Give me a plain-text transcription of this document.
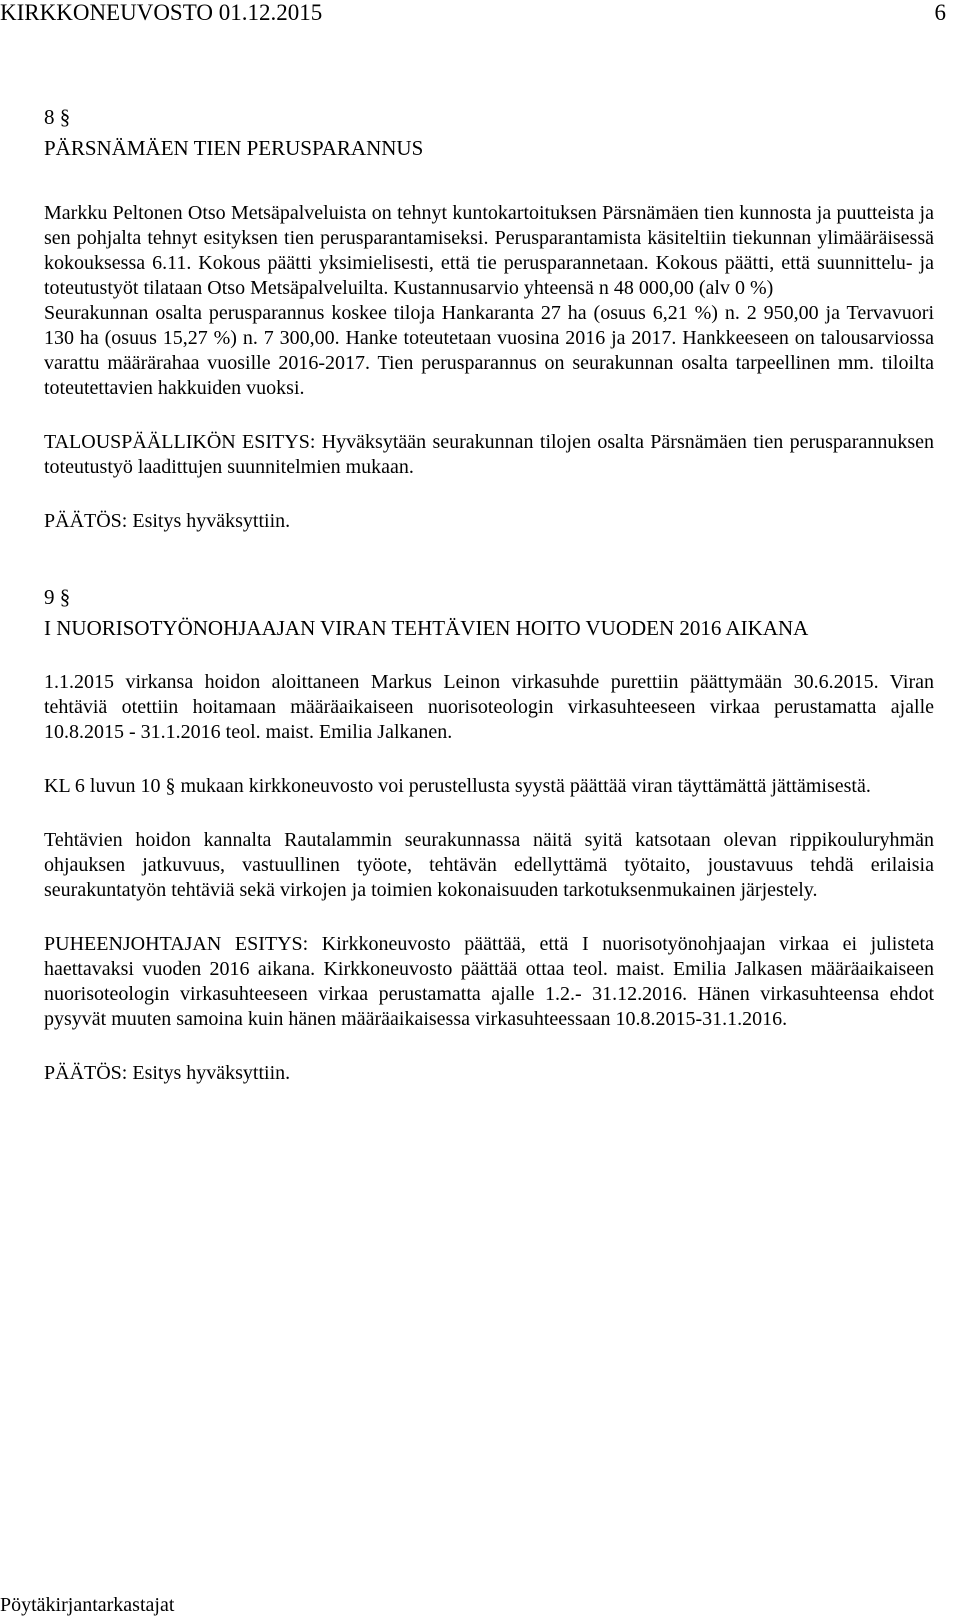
KIRKKONEUVOSTO 01.12.2015	6
8 §
PÄRSNÄMÄEN TIEN PERUSPARANNUS

Markku Peltonen Otso Metsäpalveluista on tehnyt kuntokartoituksen Pärsnämäen tien kunnosta ja puutteista ja sen pohjalta tehnyt esityksen tien perusparantamiseksi. Perusparantamista käsiteltiin tiekunnan ylimääräisessä kokouksessa 6.11. Kokous päätti yksimielisesti, että tie perusparannetaan. Kokous päätti, että suunnittelu- ja toteutustyöt tilataan Otso Metsäpalveluilta. Kustannusarvio yhteensä n 48 000,00 (alv 0 %)

Seurakunnan osalta perusparannus koskee tiloja Hankaranta 27 ha (osuus 6,21 %) n. 2 950,00 ja Tervavuori 130 ha (osuus 15,27 %) n. 7 300,00. Hanke toteutetaan vuosina 2016 ja 2017. Hankkeeseen on talousarviossa varattu määrärahaa vuosille 2016-2017. Tien perusparannus on seurakunnan osalta tarpeellinen mm. tiloilta toteutettavien hakkuiden vuoksi.

TALOUSPÄÄLLIKÖN ESITYS: Hyväksytään seurakunnan tilojen osalta Pärsnämäen tien perusparannuksen toteutustyö laadittujen suunnitelmien mukaan.

PÄÄTÖS: Esitys hyväksyttiin.

9 §
I NUORISOTYÖNOHJAAJAN VIRAN TEHTÄVIEN HOITO VUODEN 2016 AIKANA

1.1.2015 virkansa hoidon aloittaneen Markus Leinon virkasuhde purettiin päättymään 30.6.2015. Viran tehtäviä otettiin hoitamaan määräaikaiseen nuorisoteologin virkasuhteeseen virkaa perustamatta ajalle 10.8.2015 - 31.1.2016 teol. maist. Emilia Jalkanen.

KL 6 luvun 10 § mukaan kirkkoneuvosto voi perustellusta syystä päättää viran täyttämättä jättämisestä.

Tehtävien hoidon kannalta Rautalammin seurakunnassa näitä syitä katsotaan olevan rippikouluryhmän ohjauksen jatkuvuus, vastuullinen työote, tehtävän edellyttämä työtaito, joustavuus tehdä erilaisia seurakuntatyön tehtäviä sekä virkojen ja toimien kokonaisuuden tarkotuksenmukainen järjestely.

PUHEENJOHTAJAN ESITYS: Kirkkoneuvosto päättää, että I nuorisotyönohjaajan virkaa ei julisteta haettavaksi vuoden 2016 aikana. Kirkkoneuvosto päättää ottaa teol. maist. Emilia Jalkasen määräaikaiseen nuorisoteologin virkasuhteeseen virkaa perustamatta ajalle 1.2.- 31.12.2016. Hänen virkasuhteensa ehdot pysyvät muuten samoina kuin hänen määräaikaisessa virkasuhteessaan 10.8.2015-31.1.2016.

PÄÄTÖS: Esitys hyväksyttiin.

Pöytäkirjantarkastajat
